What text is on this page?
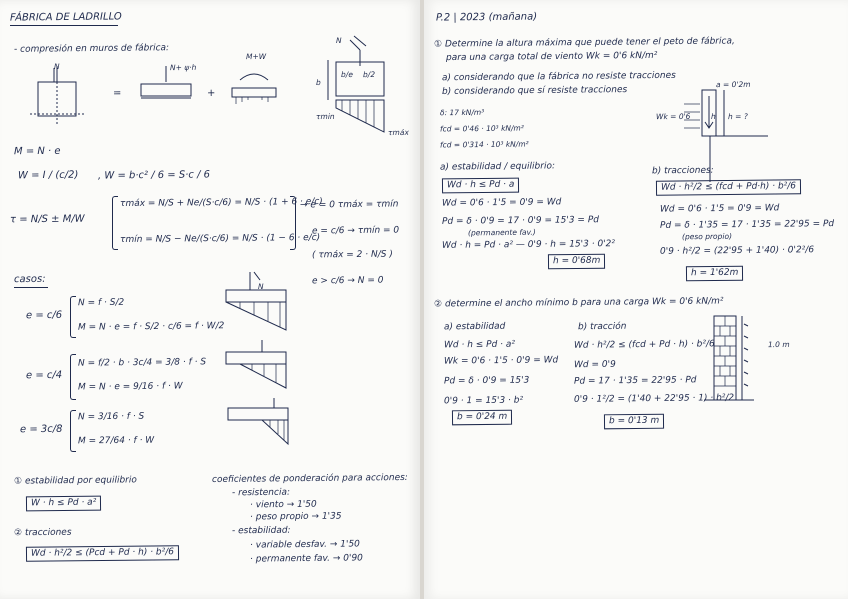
FÁBRICA DE LADRILLO
- compresión en muros de fábrica:
N
=
N+ ψ·h
+
M+W
N
b
b/e b/2
τmin
τmáx
M = N · e
W = I / (c/2) , W = b·c² / 6 = S·c / 6
τ = N/S ± M/W
τmáx = N/S + Ne/(S·c/6) = N/S · (1 + 6 · e/c)
τmín = N/S − Ne/(S·c/6) = N/S · (1 − 6 · e/c)
→ e = 0 τmáx = τmín
e = c/6 → τmín = 0
( τmáx = 2 · N/S )
e > c/6 → N = 0
casos:
e = c/6
N = f · S/2
M = N · e = f · S/2 · c/6 = f · W/2
e = c/4
N = f/2 · b · 3c/4 = 3/8 · f · S
M = N · e = 9/16 · f · W
e = 3c/8
N = 3/16 · f · S
M = 27/64 · f · W
N
① estabilidad por equilibrio
W · h ≤ Pd · a²
② tracciones
Wd · h²/2 ≤ (Pcd + Pd · h) · b²/6
coeficientes de ponderación para acciones:
- resistencia:
· viento → 1'50
· peso propio → 1'35
- estabilidad:
· variable desfav. → 1'50
· permanente fav. → 0'90
P.2 | 2023 (mañana)
① Determine la altura máxima que puede tener el peto de fábrica,
para una carga total de viento Wk = 0'6 kN/m²
a) considerando que la fábrica no resiste tracciones
b) considerando que sí resiste tracciones
δ: 17 kN/m³
fcd = 0'46 · 10³ kN/m²
fcd = 0'314 · 10³ kN/m²
Wk = 0'6
a = 0'2m
h h = ?
a) estabilidad / equilibrio:
Wd · h ≤ Pd · a
Wd = 0'6 · 1'5 = 0'9 = Wd
Pd = δ · 0'9 = 17 · 0'9 = 15'3 = Pd
(permanente fav.)
Wd · h = Pd · a² — 0'9 · h = 15'3 · 0'2²
h = 0'68m
b) tracciones:
Wd · h²/2 ≤ (fcd + Pd·h) · b²/6
Wd = 0'6 · 1'5 = 0'9 = Wd
Pd = δ · 1'35 = 17 · 1'35 = 22'95 = Pd
(peso propio)
0'9 · h²/2 = (22'95 + 1'40) · 0'2²/6
h = 1'62m
② determine el ancho mínimo b para una carga Wk = 0'6 kN/m²
a) estabilidad
Wd · h ≤ Pd · a²
Wk = 0'6 · 1'5 · 0'9 = Wd
Pd = δ · 0'9 = 15'3
0'9 · 1 = 15'3 · b²
b = 0'24 m
b) tracción
Wd · h²/2 ≤ (fcd + Pd · h) · b²/6
Wd = 0'9
Pd = 17 · 1'35 = 22'95 · Pd
0'9 · 1²/2 = (1'40 + 22'95 · 1) · b²/2
b = 0'13 m
1.0 m
